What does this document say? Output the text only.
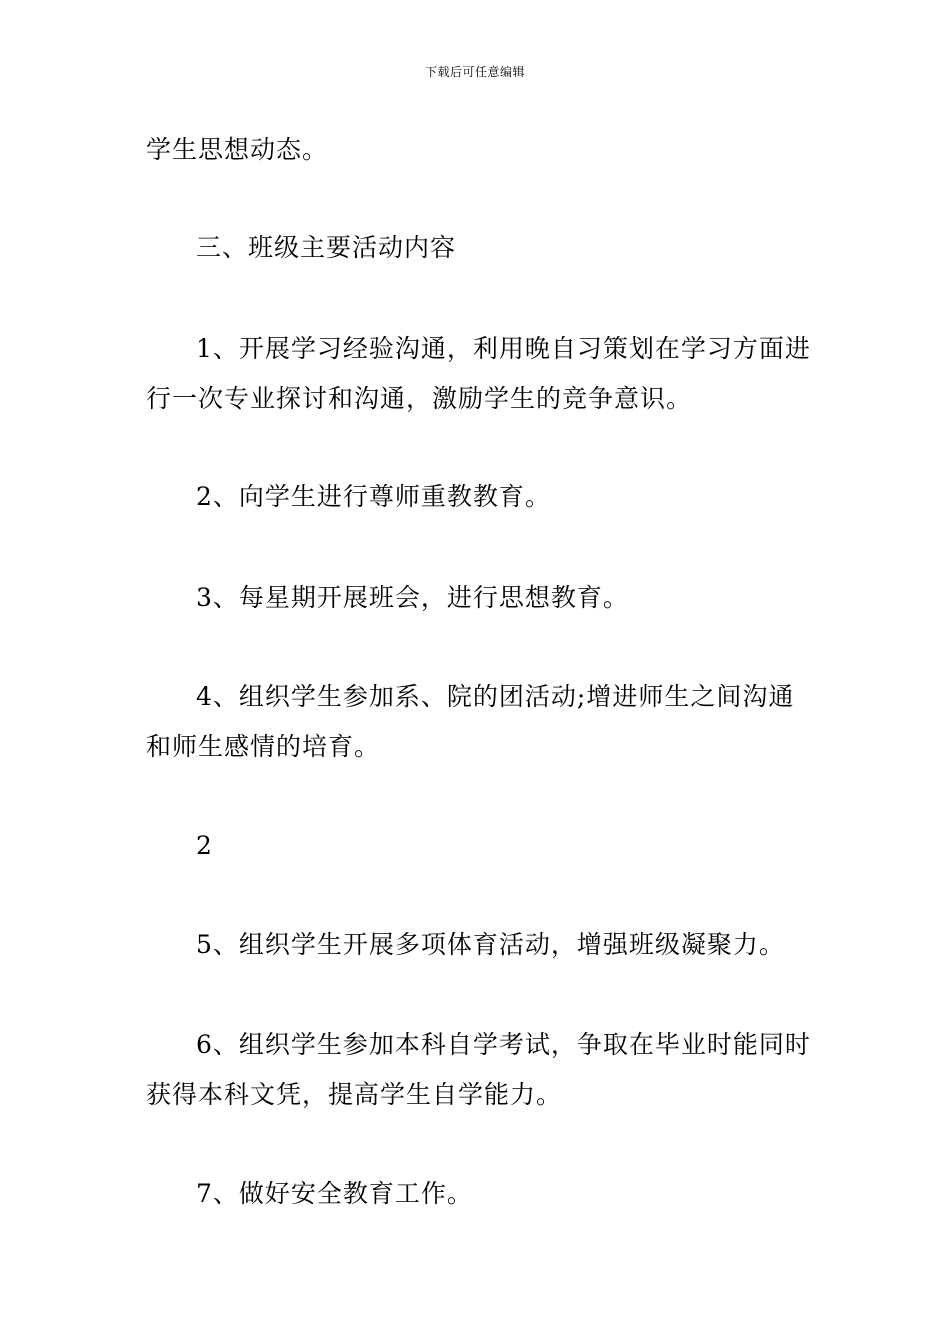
下载后可任意编辑
学生思想动态。
三、班级主要活动内容
1、开展学习经验沟通，利用晚自习策划在学习方面进
行一次专业探讨和沟通，激励学生的竞争意识。
2、向学生进行尊师重教教育。
3、每星期开展班会，进行思想教育。
4、组织学生参加系、院的团活动;增进师生之间沟通
和师生感情的培育。
2
5、组织学生开展多项体育活动，增强班级凝聚力。
6、组织学生参加本科自学考试，争取在毕业时能同时
获得本科文凭，提高学生自学能力。
7、做好安全教育工作。
